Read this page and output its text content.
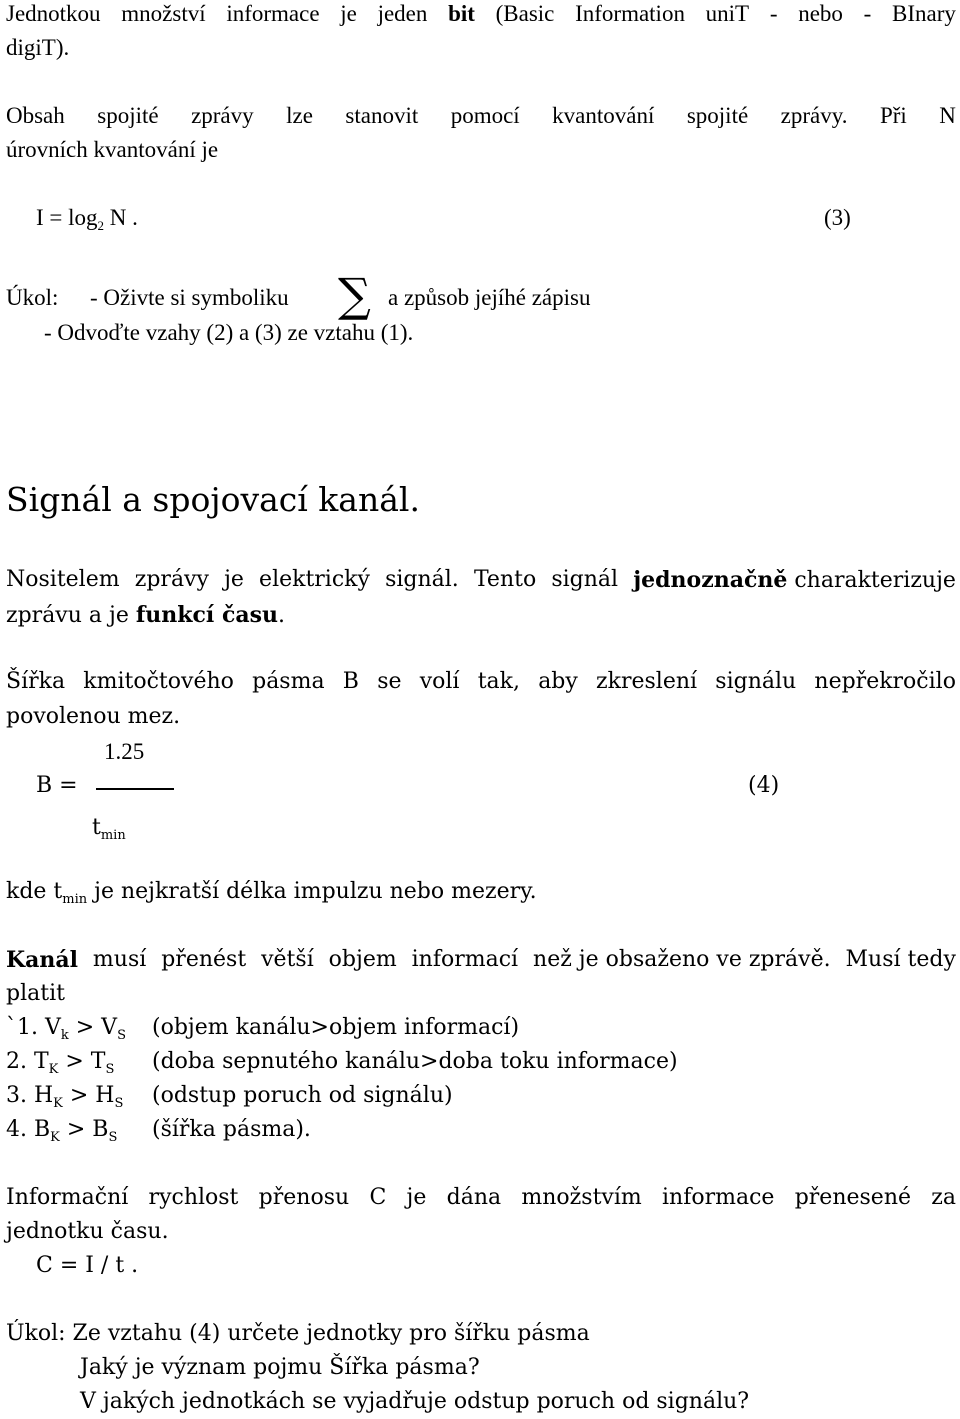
Jednotkou množství informace je jeden bit (Basic Information uniT - nebo - BInary
digiT).
Obsah spojité zprávy lze stanovit pomocí kvantování spojité zprávy. Při N
úrovních kvantování je
$I = \log_2 N$ .	(3)
Úkol: - Oživte si symboliku ∑ a způsob jejíhé zápisu
- Odvoďte vzahy (2) a (3) ze vztahu (1).
Signál a spojovací kanál.
Nositelem zprávy je elektrický signál. Tento signál jednoznačně charakterizuje
zprávu a je funkcí času.
Šířka kmitočtového pásma B se volí tak, aby zkreslení signálu nepřekročilo
povolenou mez.
1.25
B =	(4)
$t_{min}$
kde $t_{min}$ je nejkratší délka impulzu nebo mezery.
Kanál musí přenést větší objem informací než je obsaženo ve zprávě. Musí tedy
platit
`1. $V_k > V_S$ (objem kanálu>objem informací)
2. $T_K > T_S$ (doba sepnutého kanálu>doba toku informace)
3. $H_K > H_S$ (odstup poruch od signálu)
4. $B_K > B_S$ (šířka pásma).
Informační rychlost přenosu C je dána množstvím informace přenesené za
jednotku času.
C = I / t .
Úkol: Ze vztahu (4) určete jednotky pro šířku pásma
Jaký je význam pojmu Šířka pásma?
V jakých jednotkách se vyjadřuje odstup poruch od signálu?
